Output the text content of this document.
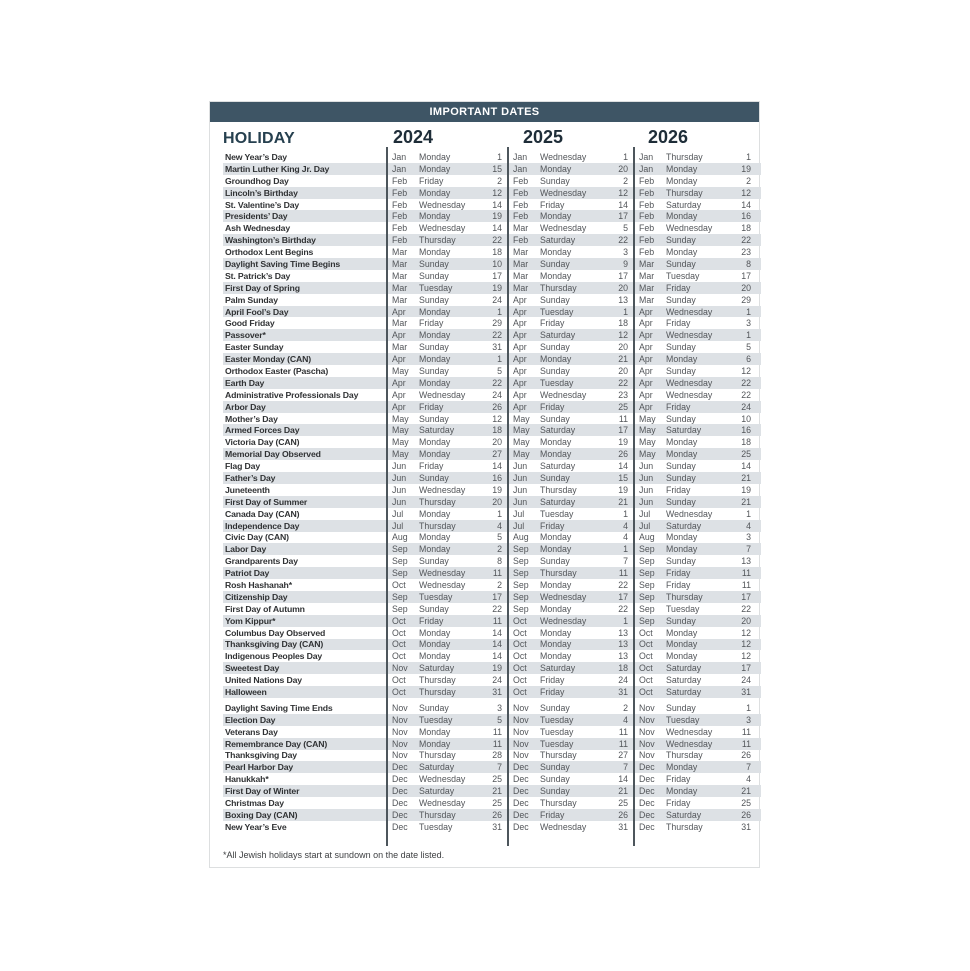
IMPORTANT DATES
HOLIDAY	2024	2025	2026
New Year’s Day	Jan	Monday	1 Jan	Wednesday	1 Jan	Thursday	1
Martin Luther King Jr. Day	Jan	Monday	15 Jan	Monday	20 Jan	Monday	19
Groundhog Day	Feb	Friday	2 Feb	Sunday	2 Feb	Monday	2
Lincoln’s Birthday	Feb	Monday	12 Feb	Wednesday	12 Feb	Thursday	12
St. Valentine’s Day	Feb	Wednesday	14 Feb	Friday	14 Feb	Saturday	14
Presidents’ Day	Feb	Monday	19 Feb	Monday	17 Feb	Monday	16
Ash Wednesday	Feb	Wednesday	14 Mar	Wednesday	5 Feb	Wednesday	18
Washington’s Birthday	Feb	Thursday	22 Feb	Saturday	22 Feb	Sunday	22
Orthodox Lent Begins	Mar	Monday	18 Mar	Monday	3 Feb	Monday	23
Daylight Saving Time Begins	Mar	Sunday	10 Mar	Sunday	9 Mar	Sunday	8
St. Patrick’s Day	Mar	Sunday	17 Mar	Monday	17 Mar	Tuesday	17
First Day of Spring	Mar	Tuesday	19 Mar	Thursday	20 Mar	Friday	20
Palm Sunday	Mar	Sunday	24 Apr	Sunday	13 Mar	Sunday	29
April Fool’s Day	Apr	Monday	1 Apr	Tuesday	1 Apr	Wednesday	1
Good Friday	Mar	Friday	29 Apr	Friday	18 Apr	Friday	3
Passover*	Apr	Monday	22 Apr	Saturday	12 Apr	Wednesday	1
Easter Sunday	Mar	Sunday	31 Apr	Sunday	20 Apr	Sunday	5
Easter Monday (CAN)	Apr	Monday	1 Apr	Monday	21 Apr	Monday	6
Orthodox Easter (Pascha)	May	Sunday	5 Apr	Sunday	20 Apr	Sunday	12
Earth Day	Apr	Monday	22 Apr	Tuesday	22 Apr	Wednesday	22
Administrative Professionals Day	Apr	Wednesday	24 Apr	Wednesday	23 Apr	Wednesday	22
Arbor Day	Apr	Friday	26 Apr	Friday	25 Apr	Friday	24
Mother’s Day	May	Sunday	12 May	Sunday	11 May	Sunday	10
Armed Forces Day	May	Saturday	18 May	Saturday	17 May	Saturday	16
Victoria Day (CAN)	May	Monday	20 May	Monday	19 May	Monday	18
Memorial Day Observed	May	Monday	27 May	Monday	26 May	Monday	25
Flag Day	Jun	Friday	14 Jun	Saturday	14 Jun	Sunday	14
Father’s Day	Jun	Sunday	16 Jun	Sunday	15 Jun	Sunday	21
Juneteenth	Jun	Wednesday	19 Jun	Thursday	19 Jun	Friday	19
First Day of Summer	Jun	Thursday	20 Jun	Saturday	21 Jun	Sunday	21
Canada Day (CAN)	Jul	Monday	1 Jul	Tuesday	1 Jul	Wednesday	1
Independence Day	Jul	Thursday	4 Jul	Friday	4 Jul	Saturday	4
Civic Day (CAN)	Aug	Monday	5 Aug	Monday	4 Aug	Monday	3
Labor Day	Sep	Monday	2 Sep	Monday	1 Sep	Monday	7
Grandparents Day	Sep	Sunday	8 Sep	Sunday	7 Sep	Sunday	13
Patriot Day	Sep	Wednesday	11 Sep	Thursday	11 Sep	Friday	11
Rosh Hashanah*	Oct	Wednesday	2 Sep	Monday	22 Sep	Friday	11
Citizenship Day	Sep	Tuesday	17 Sep	Wednesday	17 Sep	Thursday	17
First Day of Autumn	Sep	Sunday	22 Sep	Monday	22 Sep	Tuesday	22
Yom Kippur*	Oct	Friday	11 Oct	Wednesday	1 Sep	Sunday	20
Columbus Day Observed	Oct	Monday	14 Oct	Monday	13 Oct	Monday	12
Thanksgiving Day (CAN)	Oct	Monday	14 Oct	Monday	13 Oct	Monday	12
Indigenous Peoples Day	Oct	Monday	14 Oct	Monday	13 Oct	Monday	12
Sweetest Day	Nov	Saturday	19 Oct	Saturday	18 Oct	Saturday	17
United Nations Day	Oct	Thursday	24 Oct	Friday	24 Oct	Saturday	24
Halloween	Oct	Thursday	31 Oct	Friday	31 Oct	Saturday	31
Daylight Saving Time Ends	Nov	Sunday	3 Nov	Sunday	2 Nov	Sunday	1
Election Day	Nov	Tuesday	5 Nov	Tuesday	4 Nov	Tuesday	3
Veterans Day	Nov	Monday	11 Nov	Tuesday	11 Nov	Wednesday	11
Remembrance Day (CAN)	Nov	Monday	11 Nov	Tuesday	11 Nov	Wednesday	11
Thanksgiving Day	Nov	Thursday	28 Nov	Thursday	27 Nov	Thursday	26
Pearl Harbor Day	Dec	Saturday	7 Dec	Sunday	7 Dec	Monday	7
Hanukkah*	Dec	Wednesday	25 Dec	Sunday	14 Dec	Friday	4
First Day of Winter	Dec	Saturday	21 Dec	Sunday	21 Dec	Monday	21
Christmas Day	Dec	Wednesday	25 Dec	Thursday	25 Dec	Friday	25
Boxing Day (CAN)	Dec	Thursday	26 Dec	Friday	26 Dec	Saturday	26
New Year’s Eve	Dec	Tuesday	31 Dec	Wednesday	31 Dec	Thursday	31
*All Jewish holidays start at sundown on the date listed.
